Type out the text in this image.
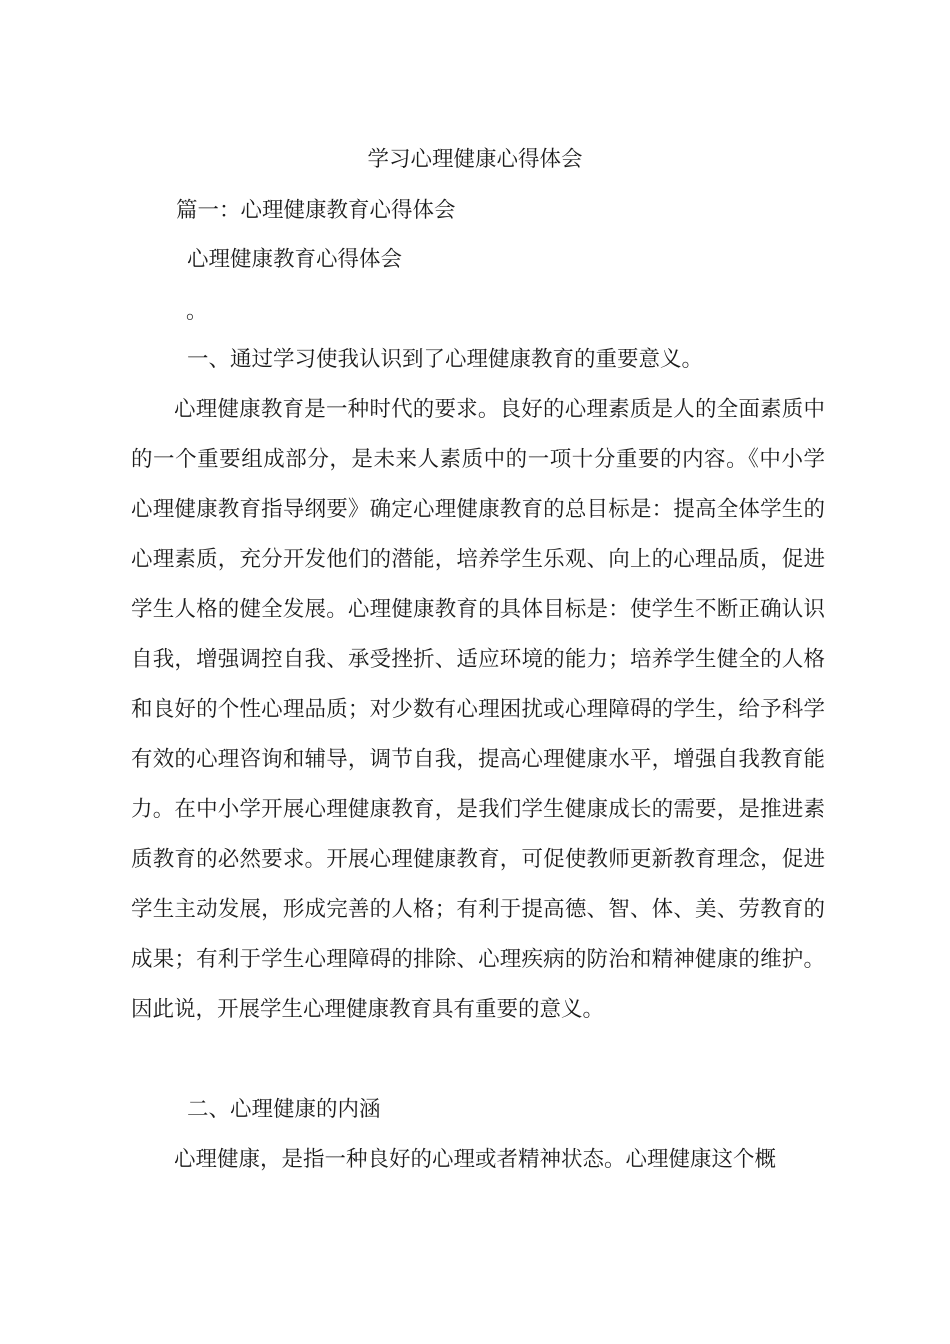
学习心理健康心得体会
篇一：心理健康教育心得体会
心理健康教育心得体会
。
一、通过学习使我认识到了心理健康教育的重要意义。

心理健康教育是一种时代的要求。良好的心理素质是人的全面素质中的一个重要组成部分，是未来人素质中的一项十分重要的内容。《中小学心理健康教育指导纲要》确定心理健康教育的总目标是：提高全体学生的心理素质，充分开发他们的潜能，培养学生乐观、向上的心理品质，促进学生人格的健全发展。心理健康教育的具体目标是：使学生不断正确认识自我，增强调控自我、承受挫折、适应环境的能力；培养学生健全的人格和良好的个性心理品质；对少数有心理困扰或心理障碍的学生，给予科学有效的心理咨询和辅导，调节自我，提高心理健康水平，增强自我教育能力。在中小学开展心理健康教育，是我们学生健康成长的需要，是推进素质教育的必然要求。开展心理健康教育，可促使教师更新教育理念，促进学生主动发展，形成完善的人格；有利于提高德、智、体、美、劳教育的成果；有利于学生心理障碍的排除、心理疾病的防治和精神健康的维护。因此说，开展学生心理健康教育具有重要的意义。

二、心理健康的内涵

心理健康，是指一种良好的心理或者精神状态。心理健康这个概
